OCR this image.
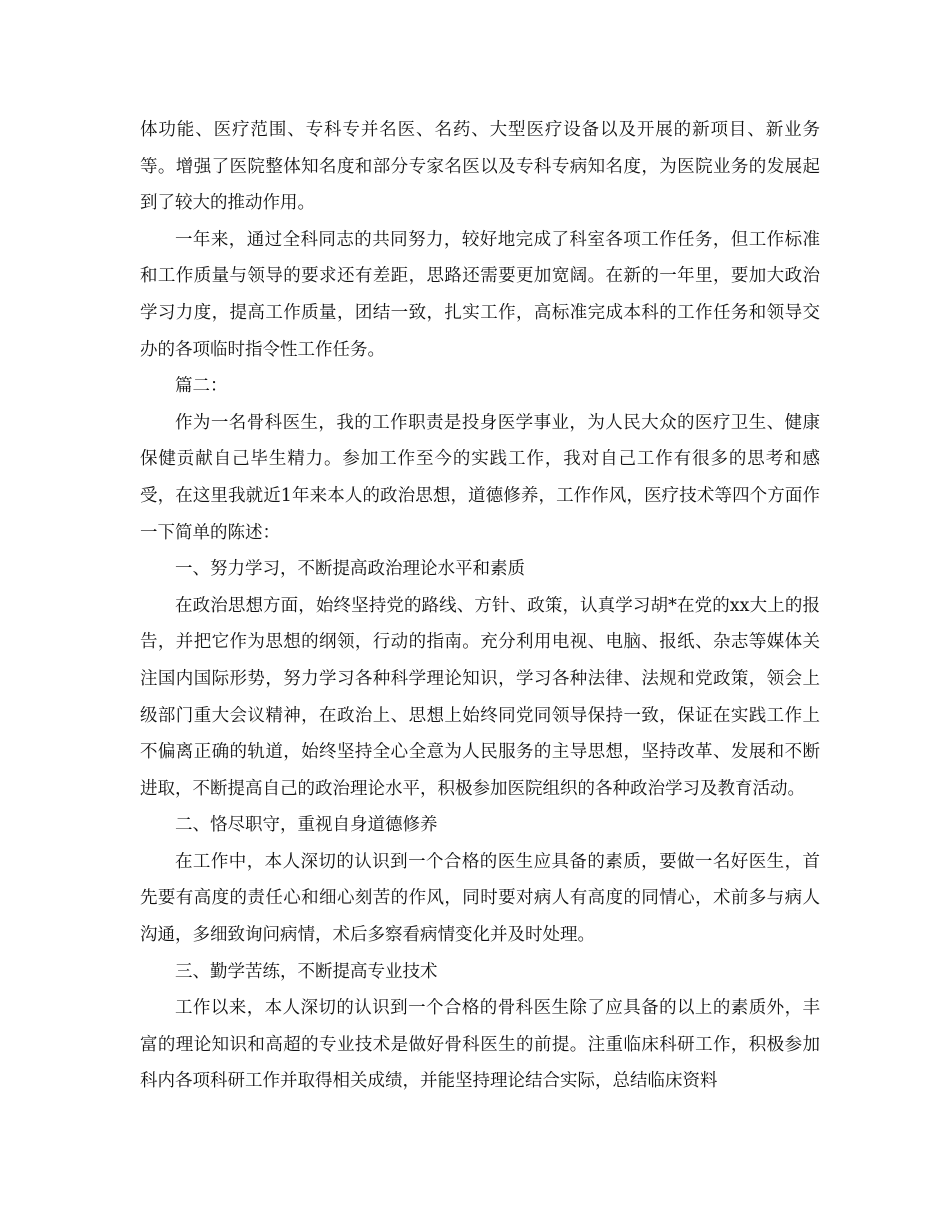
体功能、医疗范围、专科专并名医、名药、大型医疗设备以及开展的新项目、新业务等。增强了医院整体知名度和部分专家名医以及专科专病知名度，为医院业务的发展起到了较大的推动作用。

一年来，通过全科同志的共同努力，较好地完成了科室各项工作任务，但工作标准和工作质量与领导的要求还有差距，思路还需要更加宽阔。在新的一年里，要加大政治学习力度，提高工作质量，团结一致，扎实工作，高标准完成本科的工作任务和领导交办的各项临时指令性工作任务。

篇二：

作为一名骨科医生，我的工作职责是投身医学事业，为人民大众的医疗卫生、健康保健贡献自己毕生精力。参加工作至今的实践工作，我对自己工作有很多的思考和感受，在这里我就近1年来本人的政治思想，道德修养，工作作风，医疗技术等四个方面作一下简单的陈述：

一、努力学习，不断提高政治理论水平和素质

在政治思想方面，始终坚持党的路线、方针、政策，认真学习胡*在党的xx大上的报告，并把它作为思想的纲领，行动的指南。充分利用电视、电脑、报纸、杂志等媒体关注国内国际形势，努力学习各种科学理论知识，学习各种法律、法规和党政策，领会上级部门重大会议精神，在政治上、思想上始终同党同领导保持一致，保证在实践工作上不偏离正确的轨道，始终坚持全心全意为人民服务的主导思想，坚持改革、发展和不断进取，不断提高自己的政治理论水平，积极参加医院组织的各种政治学习及教育活动。

二、恪尽职守，重视自身道德修养

在工作中，本人深切的认识到一个合格的医生应具备的素质，要做一名好医生，首先要有高度的责任心和细心刻苦的作风，同时要对病人有高度的同情心，术前多与病人沟通，多细致询问病情，术后多察看病情变化并及时处理。

三、勤学苦练，不断提高专业技术

工作以来，本人深切的认识到一个合格的骨科医生除了应具备的以上的素质外，丰富的理论知识和高超的专业技术是做好骨科医生的前提。注重临床科研工作，积极参加科内各项科研工作并取得相关成绩，并能坚持理论结合实际，总结临床资料
